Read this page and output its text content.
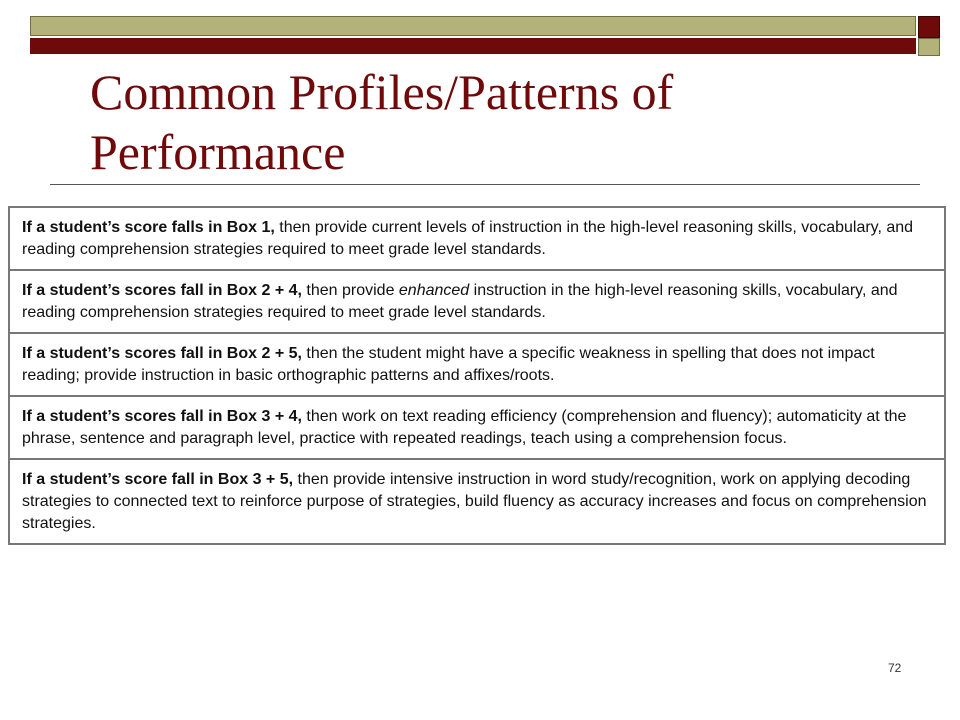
Common Profiles/Patterns of Performance
If a student’s score falls in Box 1, then provide current levels of instruction in the high-level reasoning skills, vocabulary, and reading comprehension strategies required to meet grade level standards.
If a student’s scores fall in Box 2 + 4, then provide enhanced instruction in the high-level reasoning skills, vocabulary, and reading comprehension strategies required to meet grade level standards.
If a student’s scores fall in Box 2 + 5, then the student might have a specific weakness in spelling that does not impact reading; provide instruction in basic orthographic patterns and affixes/roots.
If a student’s scores fall in Box 3 + 4, then work on text reading efficiency (comprehension and fluency); automaticity at the phrase, sentence and paragraph level, practice with repeated readings, teach using a comprehension focus.
If a student’s score fall in Box 3 + 5, then provide intensive instruction in word study/recognition, work on applying decoding strategies to connected text to reinforce purpose of strategies, build fluency as accuracy increases and focus on comprehension strategies.
72
